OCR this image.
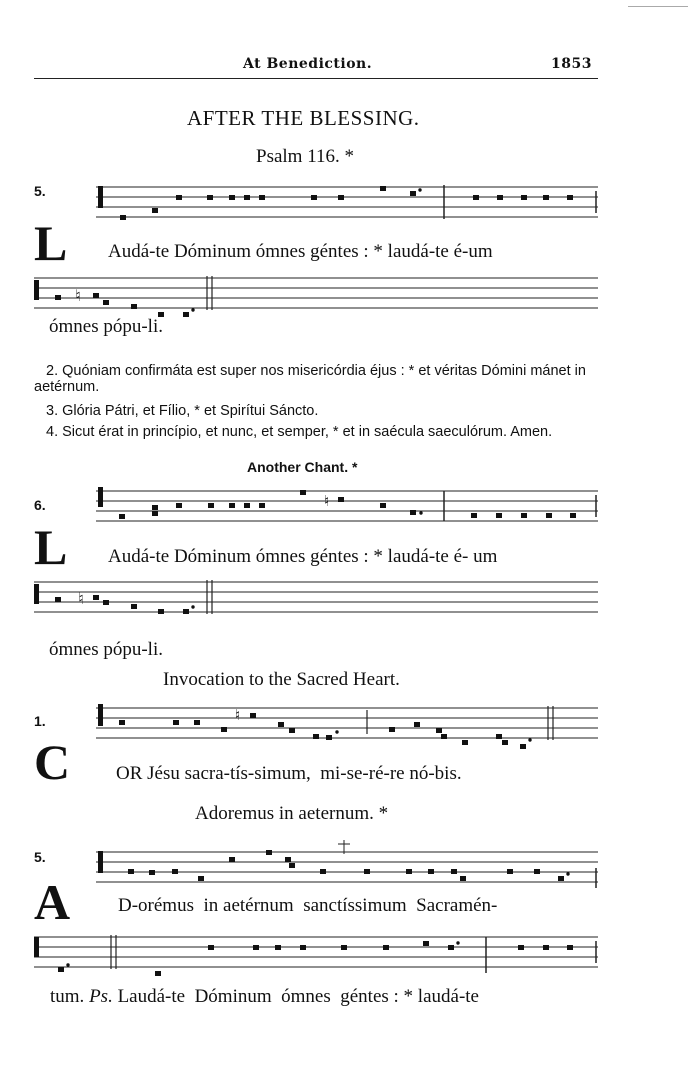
At Benediction.	1853
AFTER THE BLESSING.
Psalm 116. *
5.
L Audá-te Dóminum ómnes géntes : * laudá-te é-um
♮
ómnes pópu-li.
2. Quóniam confirmáta est super nos misericórdia éjus : * et véritas Dómini mánet in aetérnum.
3. Glória Pátri, et Fílio, * et Spirítui Sáncto.
4. Sicut érat in princípio, et nunc, et semper, * et in saécula saeculórum. Amen.
Another Chant. *
6.	♮
L Audá-te Dóminum ómnes géntes : * laudá-te é- um
♮
ómnes pópu-li.
Invocation to the Sacred Heart.
1.	♮
C OR Jésu sacra-tís-simum,  mi-se-ré-re nó-bis.
Adoremus in aeternum. *
5.
A	D-orémus  in aetérnum  sanctíssimum  Sacramén-
tum. Ps. Laudá-te  Dóminum  ómnes  géntes : * laudá-te
